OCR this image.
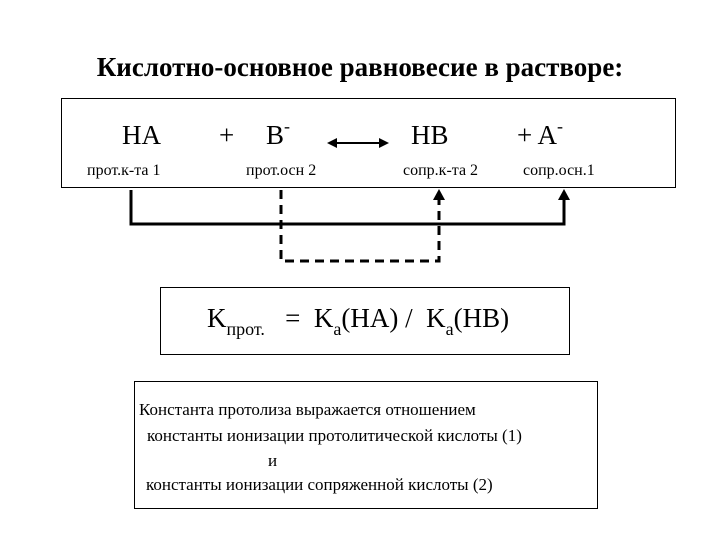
Кислотно-основное равновесие в растворе:
HA + B-	HB	+ A-
прот.к-та 1	прот.осн 2	сопр.к-та 2	сопр.осн.1
$K_{прот.} = K_a(HA) / K_a(HB)$
Константа протолиза выражается отношением
константы ионизации протолитической кислоты (1)
и
константы ионизации сопряженной кислоты (2)
